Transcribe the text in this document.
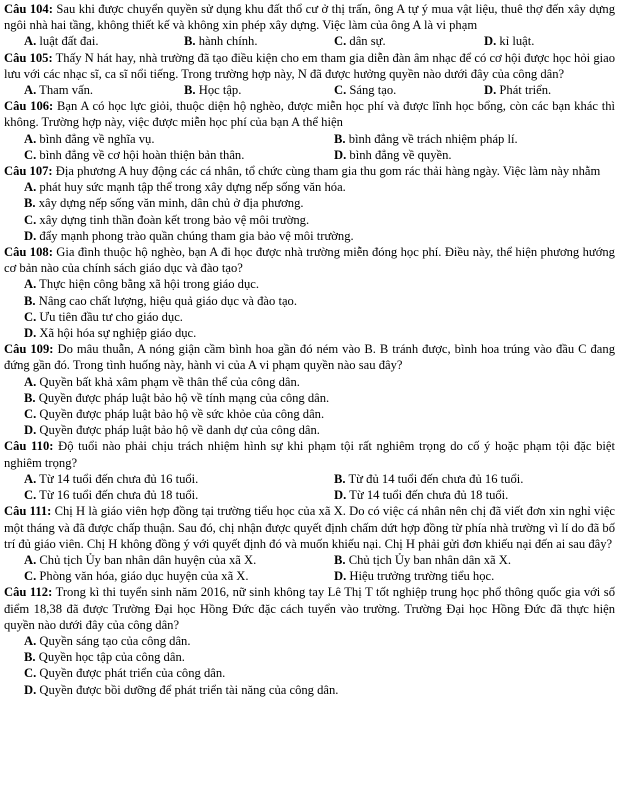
Câu 104: Sau khi được chuyển quyền sử dụng khu đất thổ cư ở thị trấn, ông A tự ý mua vật liệu, thuê thợ đến xây dựng ngôi nhà hai tầng, không thiết kế và không xin phép xây dựng. Việc làm của ông A là vi phạm

A. luật đất đai.	B. hành chính.	C. dân sự.	D. kỉ luật.

Câu 105: Thấy N hát hay, nhà trường đã tạo điều kiện cho em tham gia diễn đàn âm nhạc để có cơ hội được học hỏi giao lưu với các nhạc sĩ, ca sĩ nổi tiếng. Trong trường hợp này, N đã được hưởng quyền nào dưới đây của công dân?

A. Tham vấn.	B. Học tập.	C. Sáng tạo.	D. Phát triển.

Câu 106: Bạn A có học lực giỏi, thuộc diện hộ nghèo, được miễn học phí và được lĩnh học bổng, còn các bạn khác thì không. Trường hợp này, việc được miễn học phí của bạn A thể hiện

A. bình đẳng về nghĩa vụ.	B. bình đẳng về trách nhiệm pháp lí.
C. bình đẳng về cơ hội hoàn thiện bản thân.	D. bình đẳng về quyền.

Câu 107: Địa phương A huy động các cá nhân, tổ chức cùng tham gia thu gom rác thải hàng ngày. Việc làm này nhằm

A. phát huy sức mạnh tập thể trong xây dựng nếp sống văn hóa.
B. xây dựng nếp sống văn minh, dân chủ ở địa phương.
C. xây dựng tinh thần đoàn kết trong bảo vệ môi trường.
D. đẩy mạnh phong trào quần chúng tham gia bảo vệ môi trường.

Câu 108: Gia đình thuộc hộ nghèo, bạn A đi học được nhà trường miễn đóng học phí. Điều này, thể hiện phương hướng cơ bản nào của chính sách giáo dục và đào tạo?

A. Thực hiện công bằng xã hội trong giáo dục.
B. Nâng cao chất lượng, hiệu quả giáo dục và đào tạo.
C. Ưu tiên đầu tư cho giáo dục.
D. Xã hội hóa sự nghiệp giáo dục.

Câu 109: Do mâu thuẫn, A nóng giận cầm bình hoa gần đó ném vào B. B tránh được, bình hoa trúng vào đầu C đang đứng gần đó. Trong tình huống này, hành vi của A vi phạm quyền nào sau đây?

A. Quyền bất khả xâm phạm về thân thể của công dân.
B. Quyền được pháp luật bảo hộ về tính mạng của công dân.
C. Quyền được pháp luật bảo hộ về sức khỏe của công dân.
D. Quyền được pháp luật bảo hộ về danh dự của công dân.

Câu 110: Độ tuổi nào phải chịu trách nhiệm hình sự khi phạm tội rất nghiêm trọng do cố ý hoặc phạm tội đặc biệt nghiêm trọng?

A. Từ 14 tuổi đến chưa đủ 16 tuổi.	B. Từ đủ 14 tuổi đến chưa đủ 16 tuổi.
C. Từ 16 tuổi đến chưa đủ 18 tuổi.	D. Từ 14 tuổi đến chưa đủ 18 tuổi.

Câu 111: Chị H là giáo viên hợp đồng tại trường tiểu học của xã X. Do có việc cá nhân nên chị đã viết đơn xin nghỉ việc một tháng và đã được chấp thuận. Sau đó, chị nhận được quyết định chấm dứt hợp đồng từ phía nhà trường vì lí do đã bố trí đủ giáo viên. Chị H không đồng ý với quyết định đó và muốn khiếu nại. Chị H phải gửi đơn khiếu nại đến ai sau đây?

A. Chủ tịch Ủy ban nhân dân huyện của xã X.	B. Chủ tịch Ủy ban nhân dân xã X.
C. Phòng văn hóa, giáo dục huyện của xã X.	D. Hiệu trưởng trường tiểu học.

Câu 112: Trong kì thi tuyển sinh năm 2016, nữ sinh không tay Lê Thị T tốt nghiệp trung học phổ thông quốc gia với số điểm 18,38 đã được Trường Đại học Hồng Đức đặc cách tuyển vào trường. Trường Đại học Hồng Đức đã thực hiện quyền nào dưới đây của công dân?

A. Quyền sáng tạo của công dân.
B. Quyền học tập của công dân.
C. Quyền được phát triển của công dân.
D. Quyền được bồi dưỡng để phát triển tài năng của công dân.
